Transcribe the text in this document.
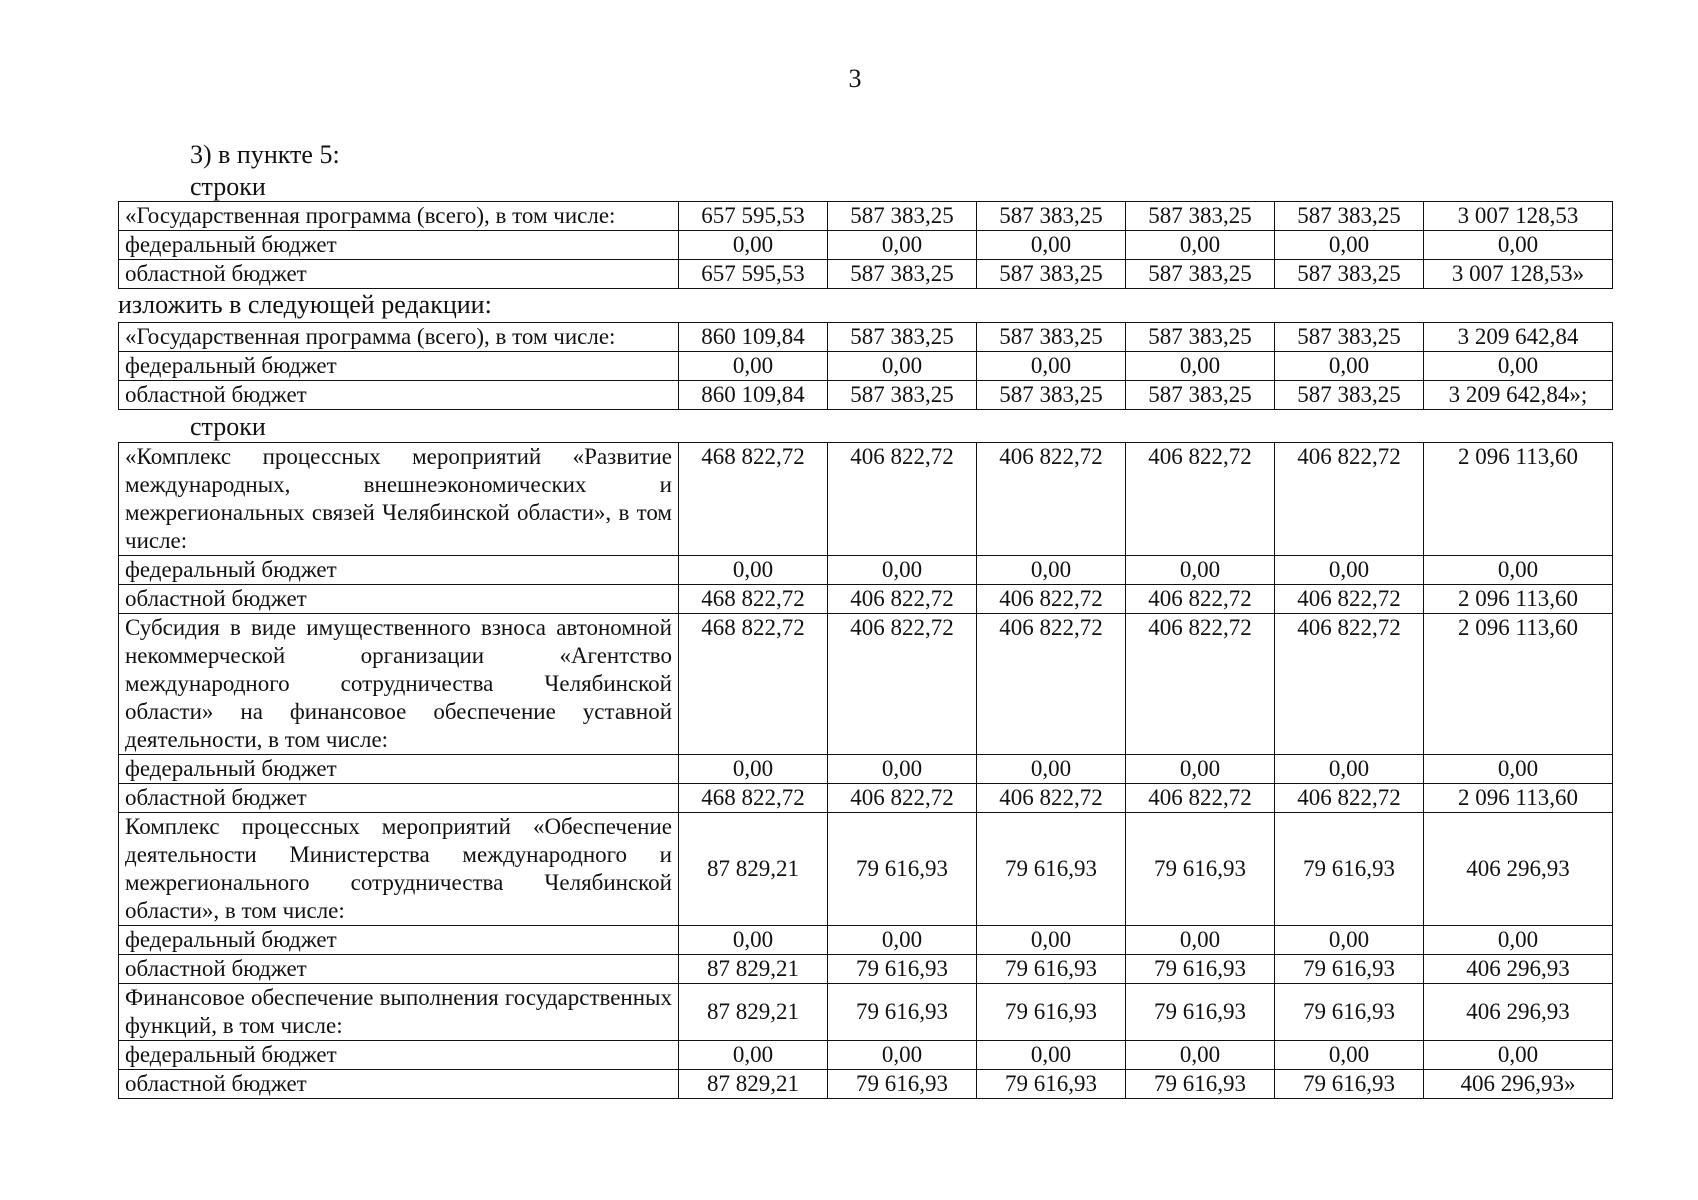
3
3) в пункте 5:
строки
«Государственная программа (всего), в том числе:	657 595,53	587 383,25	587 383,25	587 383,25	587 383,25	3 007 128,53
федеральный бюджет	0,00	0,00	0,00	0,00	0,00	0,00
областной бюджет	657 595,53	587 383,25	587 383,25	587 383,25	587 383,25	3 007 128,53»
изложить в следующей редакции:
«Государственная программа (всего), в том числе:	860 109,84	587 383,25	587 383,25	587 383,25	587 383,25	3 209 642,84
федеральный бюджет	0,00	0,00	0,00	0,00	0,00	0,00
областной бюджет	860 109,84	587 383,25	587 383,25	587 383,25	587 383,25	3 209 642,84»;
строки
«Комплекс процессных мероприятий «Развитие международных, внешнеэкономических и межрегиональных связей Челябинской области», в том числе:	468 822,72	406 822,72	406 822,72	406 822,72	406 822,72	2 096 113,60
федеральный бюджет	0,00	0,00	0,00	0,00	0,00	0,00
областной бюджет	468 822,72	406 822,72	406 822,72	406 822,72	406 822,72	2 096 113,60
Субсидия в виде имущественного взноса автономной некоммерческой организации «Агентство международного сотрудничества Челябинской области» на финансовое обеспечение уставной деятельности, в том числе:	468 822,72	406 822,72	406 822,72	406 822,72	406 822,72	2 096 113,60
федеральный бюджет	0,00	0,00	0,00	0,00	0,00	0,00
областной бюджет	468 822,72	406 822,72	406 822,72	406 822,72	406 822,72	2 096 113,60
Комплекс процессных мероприятий «Обеспечение деятельности Министерства международного и межрегионального сотрудничества Челябинской области», в том числе:	87 829,21	79 616,93	79 616,93	79 616,93	79 616,93	406 296,93
федеральный бюджет	0,00	0,00	0,00	0,00	0,00	0,00
областной бюджет	87 829,21	79 616,93	79 616,93	79 616,93	79 616,93	406 296,93
Финансовое обеспечение выполнения государственных функций, в том числе:	87 829,21	79 616,93	79 616,93	79 616,93	79 616,93	406 296,93
федеральный бюджет	0,00	0,00	0,00	0,00	0,00	0,00
областной бюджет	87 829,21	79 616,93	79 616,93	79 616,93	79 616,93	406 296,93»
